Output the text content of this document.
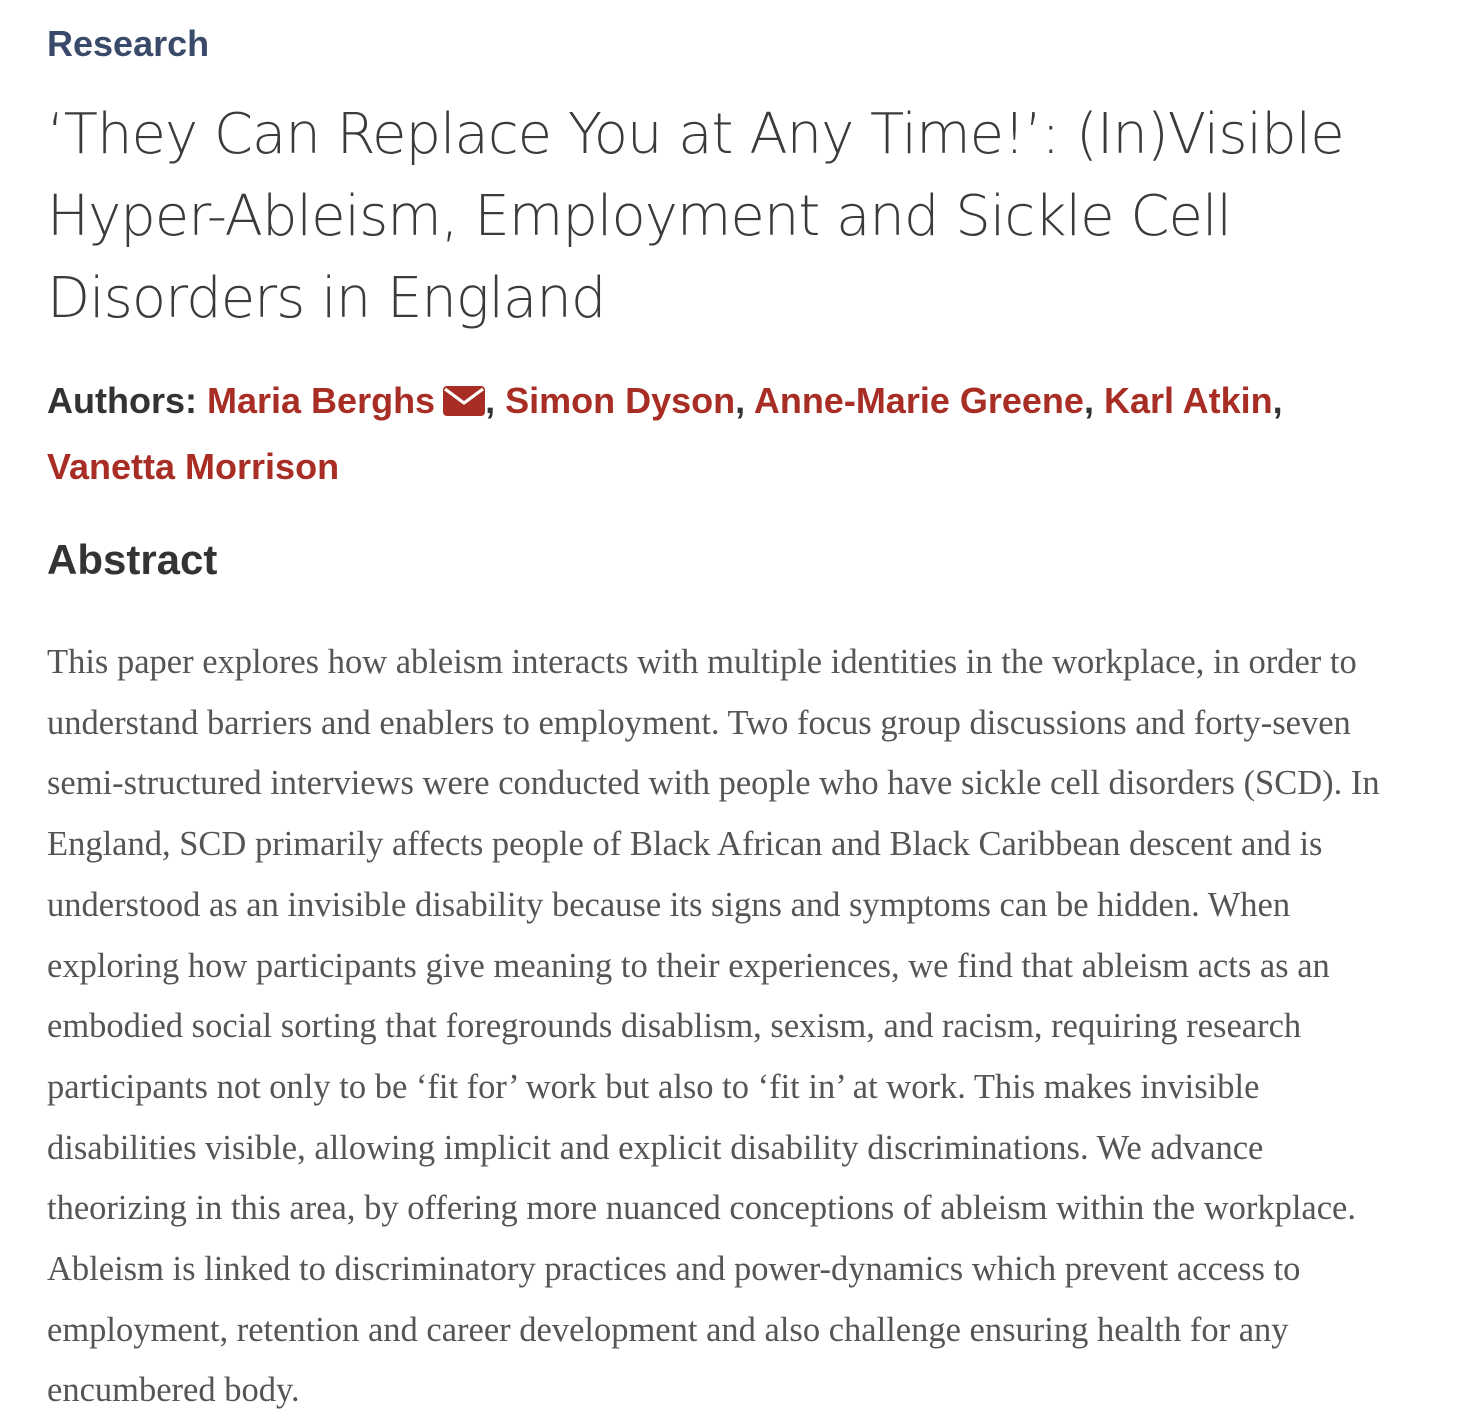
Research
‘They Can Replace You at Any Time!’: (In)Visible Hyper-Ableism, Employment and Sickle Cell Disorders in England
Authors: Maria Berghs , Simon Dyson, Anne-Marie Greene, Karl Atkin, Vanetta Morrison
Abstract

This paper explores how ableism interacts with multiple identities in the workplace, in order to understand barriers and enablers to employment. Two focus group discussions and forty-seven semi-structured interviews were conducted with people who have sickle cell disorders (SCD). In England, SCD primarily affects people of Black African and Black Caribbean descent and is understood as an invisible disability because its signs and symptoms can be hidden. When exploring how participants give meaning to their experiences, we find that ableism acts as an embodied social sorting that foregrounds disablism, sexism, and racism, requiring research participants not only to be ‘fit for’ work but also to ‘fit in’ at work. This makes invisible disabilities visible, allowing implicit and explicit disability discriminations. We advance theorizing in this area, by offering more nuanced conceptions of ableism within the workplace. Ableism is linked to discriminatory practices and power-dynamics which prevent access to employment, retention and career development and also challenge ensuring health for any encumbered body.
